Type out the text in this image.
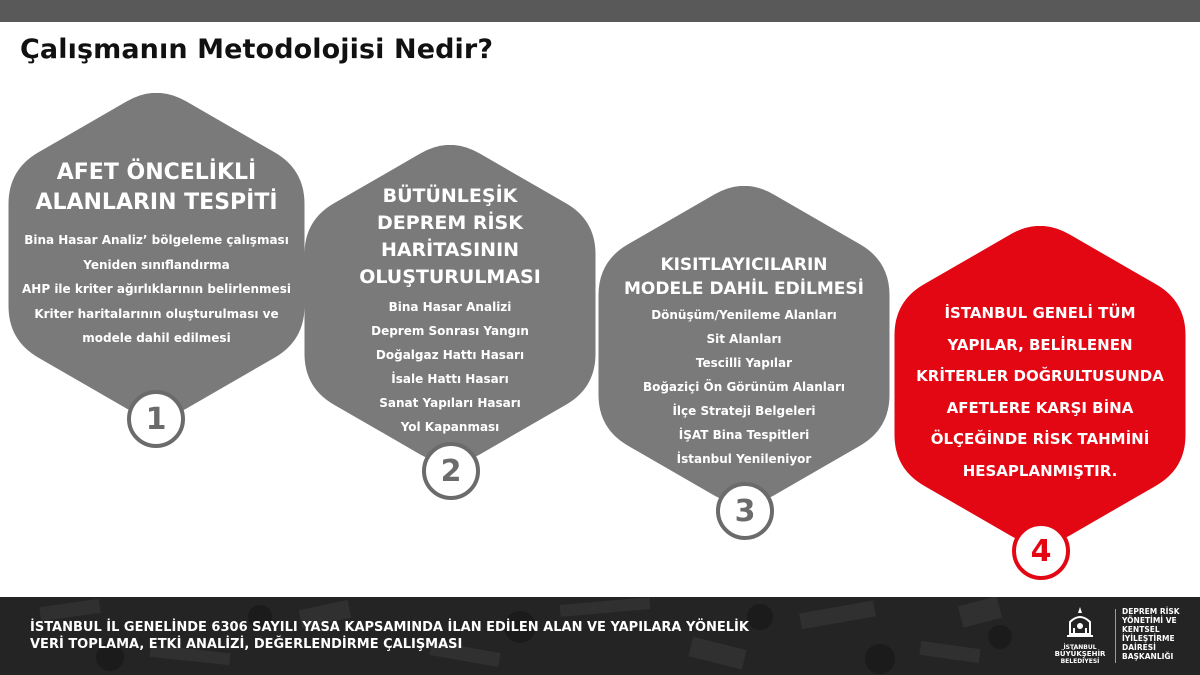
Çalışmanın Metodolojisi Nedir?
AFET ÖNCELİKLİ
ALANLARIN TESPİTİ
Bina Hasar Analiz’ bölgeleme çalışması
Yeniden sınıflandırma
AHP ile kriter ağırlıklarının belirlenmesi
Kriter haritalarının oluşturulması ve
modele dahil edilmesi
1
BÜTÜNLEŞİK
DEPREM RİSK
HARİTASININ
OLUŞTURULMASI
Bina Hasar Analizi
Deprem Sonrası Yangın
Doğalgaz Hattı Hasarı
İsale Hattı Hasarı
Sanat Yapıları Hasarı
Yol Kapanması
2
KISITLAYICILARIN
MODELE DAHİL EDİLMESİ
Dönüşüm/Yenileme Alanları
Sit Alanları
Tescilli Yapılar
Boğaziçi Ön Görünüm Alanları
İlçe Strateji Belgeleri
İŞAT Bina Tespitleri
İstanbul Yenileniyor
3
İSTANBUL GENELİ TÜM
YAPILAR, BELİRLENEN
KRİTERLER DOĞRULTUSUNDA
AFETLERE KARŞI BİNA
ÖLÇEĞİNDE RİSK TAHMİNİ
HESAPLANMIŞTIR.
4

İSTANBUL İL GENELİNDE 6306 SAYILI YASA KAPSAMINDA İLAN EDİLEN ALAN VE YAPILARA YÖNELİK
VERİ TOPLAMA, ETKİ ANALİZİ, DEĞERLENDİRME ÇALIŞMASI	İSTANBUL
BÜYÜKŞEHİR
BELEDİYESİ
DEPREM RİSK
YÖNETİMİ VE
KENTSEL
İYİLEŞTİRME
DAİRESİ
BAŞKANLIĞI
